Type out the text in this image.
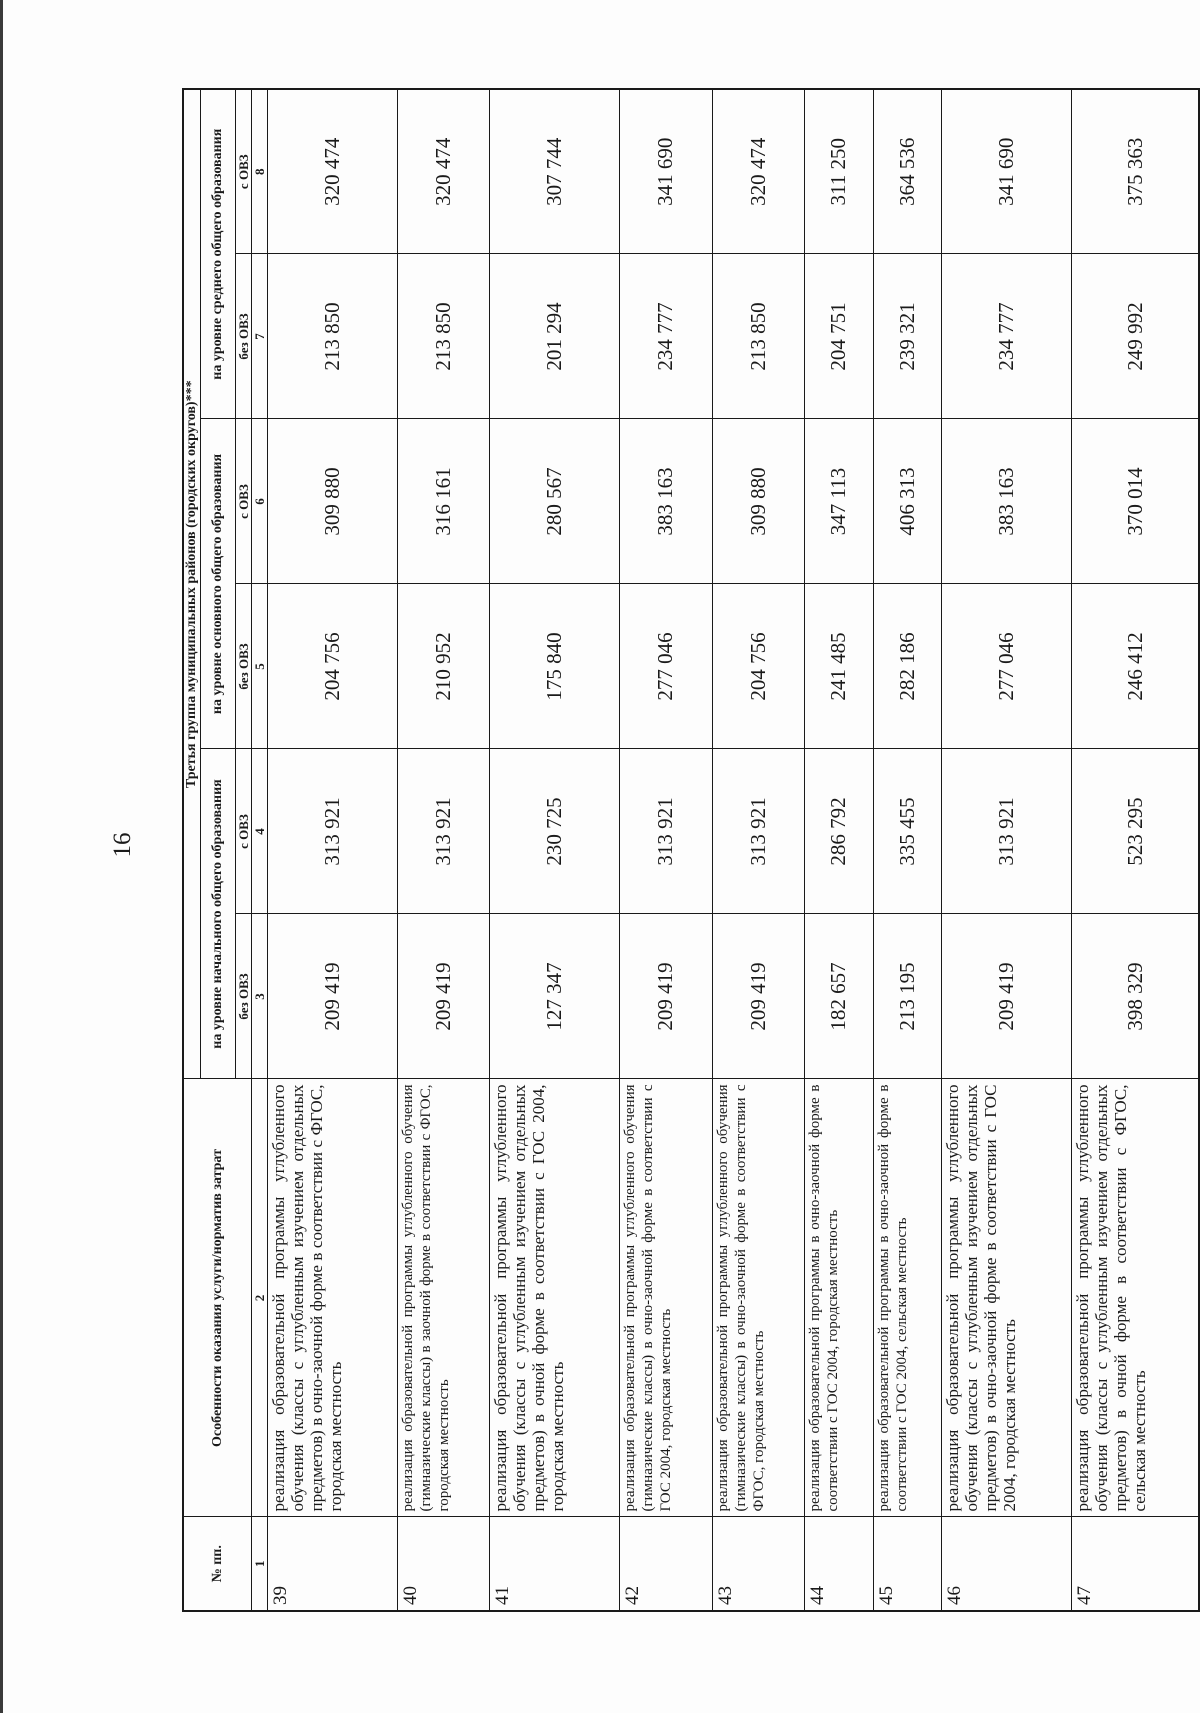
16
№ пп.	Особенности оказания услуги/норматив затрат	Третья группа муниципальных районов (городских округов)***					
		на уровне начального общего образования		на уровне основного общего образования		на уровне среднего общего образования	
		без ОВЗ	с ОВЗ	без ОВЗ	с ОВЗ	без ОВЗ	с ОВЗ
1	2	3	4	5	6	7	8
39	реализация образовательной программы углубленного обучения (классы с углубленным изучением отдельных предметов) в очно-заочной форме в соответствии с ФГОС, городская местность	209 419	313 921	204 756	309 880	213 850	320 474
40	реализация образовательной программы углубленного обучения (гимназические классы) в заочной форме в соответствии с ФГОС, городская местность	209 419	313 921	210 952	316 161	213 850	320 474
41	реализация образовательной программы углубленного обучения (классы с углубленным изучением отдельных предметов) в очной форме в соответствии с ГОС 2004, городская местность	127 347	230 725	175 840	280 567	201 294	307 744
42	реализация образовательной программы углубленного обучения (гимназические классы) в очно-заочной форме в соответствии с ГОС 2004, городская местность	209 419	313 921	277 046	383 163	234 777	341 690
43	реализация образовательной программы углубленного обучения (гимназические классы) в очно-заочной форме в соответствии с ФГОС, городская местность	209 419	313 921	204 756	309 880	213 850	320 474
44	реализация образовательной программы в очно-заочной форме в соответствии с ГОС 2004, городская местность	182 657	286 792	241 485	347 113	204 751	311 250
45	реализация образовательной программы в очно-заочной форме в соответствии с ГОС 2004, сельская местность	213 195	335 455	282 186	406 313	239 321	364 536
46	реализация образовательной программы углубленного обучения (классы с углубленным изучением отдельных предметов) в очно-заочной форме в соответствии с ГОС 2004, городская местность	209 419	313 921	277 046	383 163	234 777	341 690
47	реализация образовательной программы углубленного обучения (классы с углубленным изучением отдельных предметов) в очной форме в соответствии с ФГОС, сельская местность	398 329	523 295	246 412	370 014	249 992	375 363
